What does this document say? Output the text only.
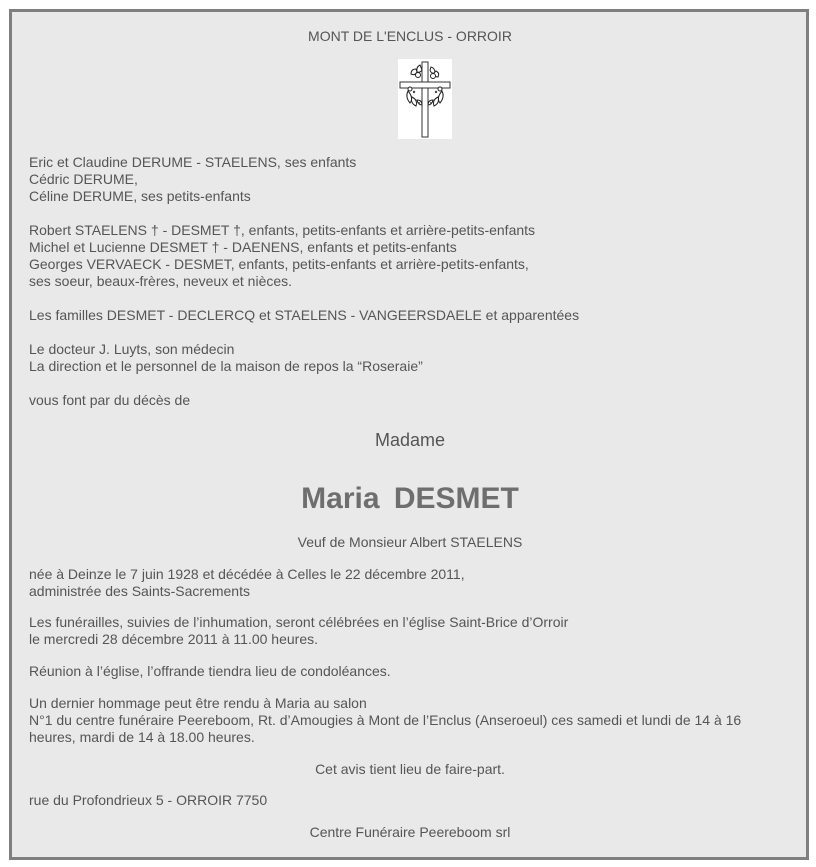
MONT DE L'ENCLUS - ORROIR
Eric et Claudine DERUME - STAELENS, ses enfants
Cédric DERUME,
Céline DERUME, ses petits-enfants
Robert STAELENS † - DESMET †, enfants, petits-enfants et arrière-petits-enfants
Michel et Lucienne DESMET † - DAENENS, enfants et petits-enfants
Georges VERVAECK - DESMET, enfants, petits-enfants et arrière-petits-enfants,
ses soeur, beaux-frères, neveux et nièces.
Les familles DESMET - DECLERCQ et STAELENS - VANGEERSDAELE et apparentées
Le docteur J. Luyts, son médecin
La direction et le personnel de la maison de repos la “Roseraie”
vous font par du décès de
Madame
Maria DESMET
Veuf de Monsieur Albert STAELENS
née à Deinze le 7 juin 1928 et décédée à Celles le 22 décembre 2011,
administrée des Saints-Sacrements
Les funérailles, suivies de l’inhumation, seront célébrées en l’église Saint-Brice d’Orroir
le mercredi 28 décembre 2011 à 11.00 heures.
Réunion à l’église, l’offrande tiendra lieu de condoléances.
Un dernier hommage peut être rendu à Maria au salon
N°1 du centre funéraire Peereboom, Rt. d’Amougies à Mont de l’Enclus (Anseroeul) ces samedi et lundi de 14 à 16 heures, mardi de 14 à 18.00 heures.
Cet avis tient lieu de faire-part.
rue du Profondrieux 5 - ORROIR 7750
Centre Funéraire Peereboom srl
